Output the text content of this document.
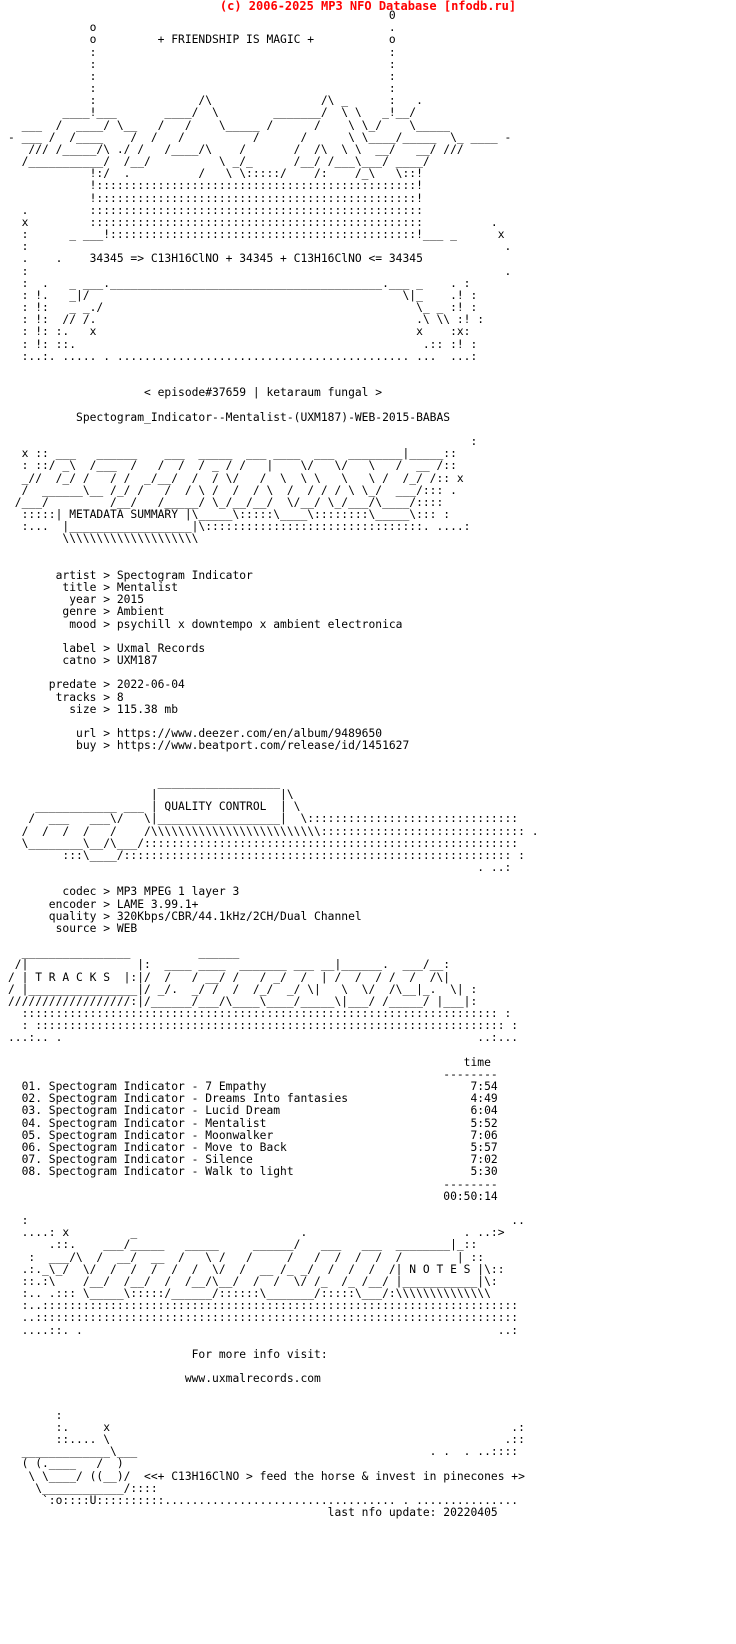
(c) 2006-2025 MP3 NFO Database [nfodb.ru]
0
o                                           .
o         + FRIENDSHIP IS MAGIC +           o
:                                           :
:                                           :
:                                           :
:                                           :
:               /\                /\ _      :   .
____!___       ____/  \        _______/  \ \   _!__/
___  /  ____/ \__   /   /    \_____ /      /    \ \_/    \_____
- ___ /  /____    /  /   /          /      /      \ \____/_____  \_ ____ -
/// /_____/\ ./ /   /____/\    /       /  /\  \ \  __/   __/ ///
/___________/  /__/          \ _/_      /__/ /___\___/ ____/
!:/  .          /   \ \:::::/    /:    /_\   \::!
!:::::::::::::::::::::::::::::::::::::::::::::::!
!:::::::::::::::::::::::::::::::::::::::::::::::!
.         :::::::::::::::::::::::::::::::::::::::::::::::::
x         :::::::::::::::::::::::::::::::::::::::::::::::::          .
:      _ ___!:::::::::::::::::::::::::::::::::::::::::::::!___ _      x
:                                                                      .
.    .    34345 => C13H16ClNO + 34345 + C13H16ClNO <= 34345
:                                                                      .
:  .   _ ___.________________________________________.___ _    . :
: !.   _|/                                              \|_    .! :
: !:   _ _./                                              \_ _ :! :
: !:  // /.                                               .\ \\ :! :
: !: :.   x                                               x    :x:
: !: ::.                                                   .:: :! :
:..:. ..... . ........................................... ...  ...:

< episode#37659 | ketaraum fungal >

Spectogram_Indicator--Mentalist-(UXM187)-WEB-2015-BABAS

:
x :: ___   ______    ___  _____  ___ ____  ___  ________|_____::
: ::/ _\  /___  /   /  /  / _ / /   |    \/   \/   \   /  __ /::
_//  /_/ /   / /  _/__/  /  / \/   /  \  \ \   \   \ /  /_/ /:: x
/  ______\__ /_/ /   /  / \ /  /  / \  /  / / / \ \_/  ___/::: .
/___/         /__/   /_____/ \_/__/__/  \/__/ \_/___/\____/::::
:::::| METADATA SUMMARY |\_____\:::::\____\::::::::\_____\::: :
:...  |__________________|\::::::::::::::::::::::::::::::::. ....:
\\\\\\\\\\\\\\\\\\\\

artist > Spectogram Indicator
title > Mentalist
year > 2015
genre > Ambient
mood > psychill x downtempo x ambient electronica

label > Uxmal Records
catno > UXM187

predate > 2022-06-04
tracks > 8
size > 115.38 mb

url > https://www.deezer.com/en/album/9489650
buy > https://www.beatport.com/release/id/1451627

__________________
|                  |\
____________ ___ | QUALITY CONTROL  | \
/  ___   ___\/   \|__________________|  \:::::::::::::::::::::::::::::::
/  /  /  /   /    /\\\\\\\\\\\\\\\\\\\\\\\\\:::::::::::::::::::::::::::::: .
\________\__/\___/:::::::::::::::::::::::::::::::::::::::::::::::::::::::
:::\____/::::::::::::::::::::::::::::::::::::::::::::::::::::::::: :
. ..:

codec > MP3 MPEG 1 layer 3
encoder > LAME 3.99.1+
quality > 320Kbps/CBR/44.1kHz/2CH/Dual Channel
source > WEB

________________          ______
/|                |:  ____ ____  _______ ___ __|______.  ___/__:
/ | T R A C K S  |:|/  /   / __/ /   / _/  /  | /  /  / /  /  /\|
/ |________________|/ _/.  _/ /  /  /_/  _/ \|   \  \/  /\__|_.  \| :
//////////////////:|/______/___/\____\____/_____\|___/ /_____/ |___|:
:::::::::::::::::::::::::::::::::::::::::::::::::::::::::::::::::::::: :
: ::::::::::::::::::::::::::::::::::::::::::::::::::::::::::::::::::::: :
...:.. .                                                             ..:...

time
--------
01. Spectogram Indicator - 7 Empathy                              7:54
02. Spectogram Indicator - Dreams Into fantasies                  4:49
03. Spectogram Indicator - Lucid Dream                            6:04
04. Spectogram Indicator - Mentalist                              5:52
05. Spectogram Indicator - Moonwalker                             7:06
06. Spectogram Indicator - Move to Back                           5:57
07. Spectogram Indicator - Silence                                7:02
08. Spectogram Indicator - Walk to light                          5:30
--------
00:50:14

:                                                                       ..
....: x         _                        .                       . ..:>
.::.    ___/_____   _____     ______/   ___   ___  ________|_::
:  ___/\  /  __/  __  /   \ /   /     /   /  /  /  /  /        | ::
.:._\_/  \/  /  /  /  /  /  \/  /  __ /_ _/  /  /  /  /| N O T E S |\::
::.:\    /__/  /__/  /  /__/\__/  /  /  \/ /_  /_ /__/ |___________|\:
:.. .::: \_____\:::::/______/::::::\_______/:::::\___/:\\\\\\\\\\\\\\
:..::::::::::::::::::::::::::::::::::::::::::::::::::::::::::::::::::::::
..:::::::::::::::::::::::::::::::::::::::::::::::::::::::::::::::::::::::
....::. .                                                             ..:

For more info visit:

www.uxmalrecords.com

:
:.     x                                                           .:
::.... \                                                          .::
_____________\___                                           . .  . ..::::
( (.____   /  )
\ \____/ ((__)/  <<+ C13H16ClNO > feed the horse & invest in pinecones +>
\____________/::::
`:o::::U::::::::::.................................. . ...............
last nfo update: 20220405
